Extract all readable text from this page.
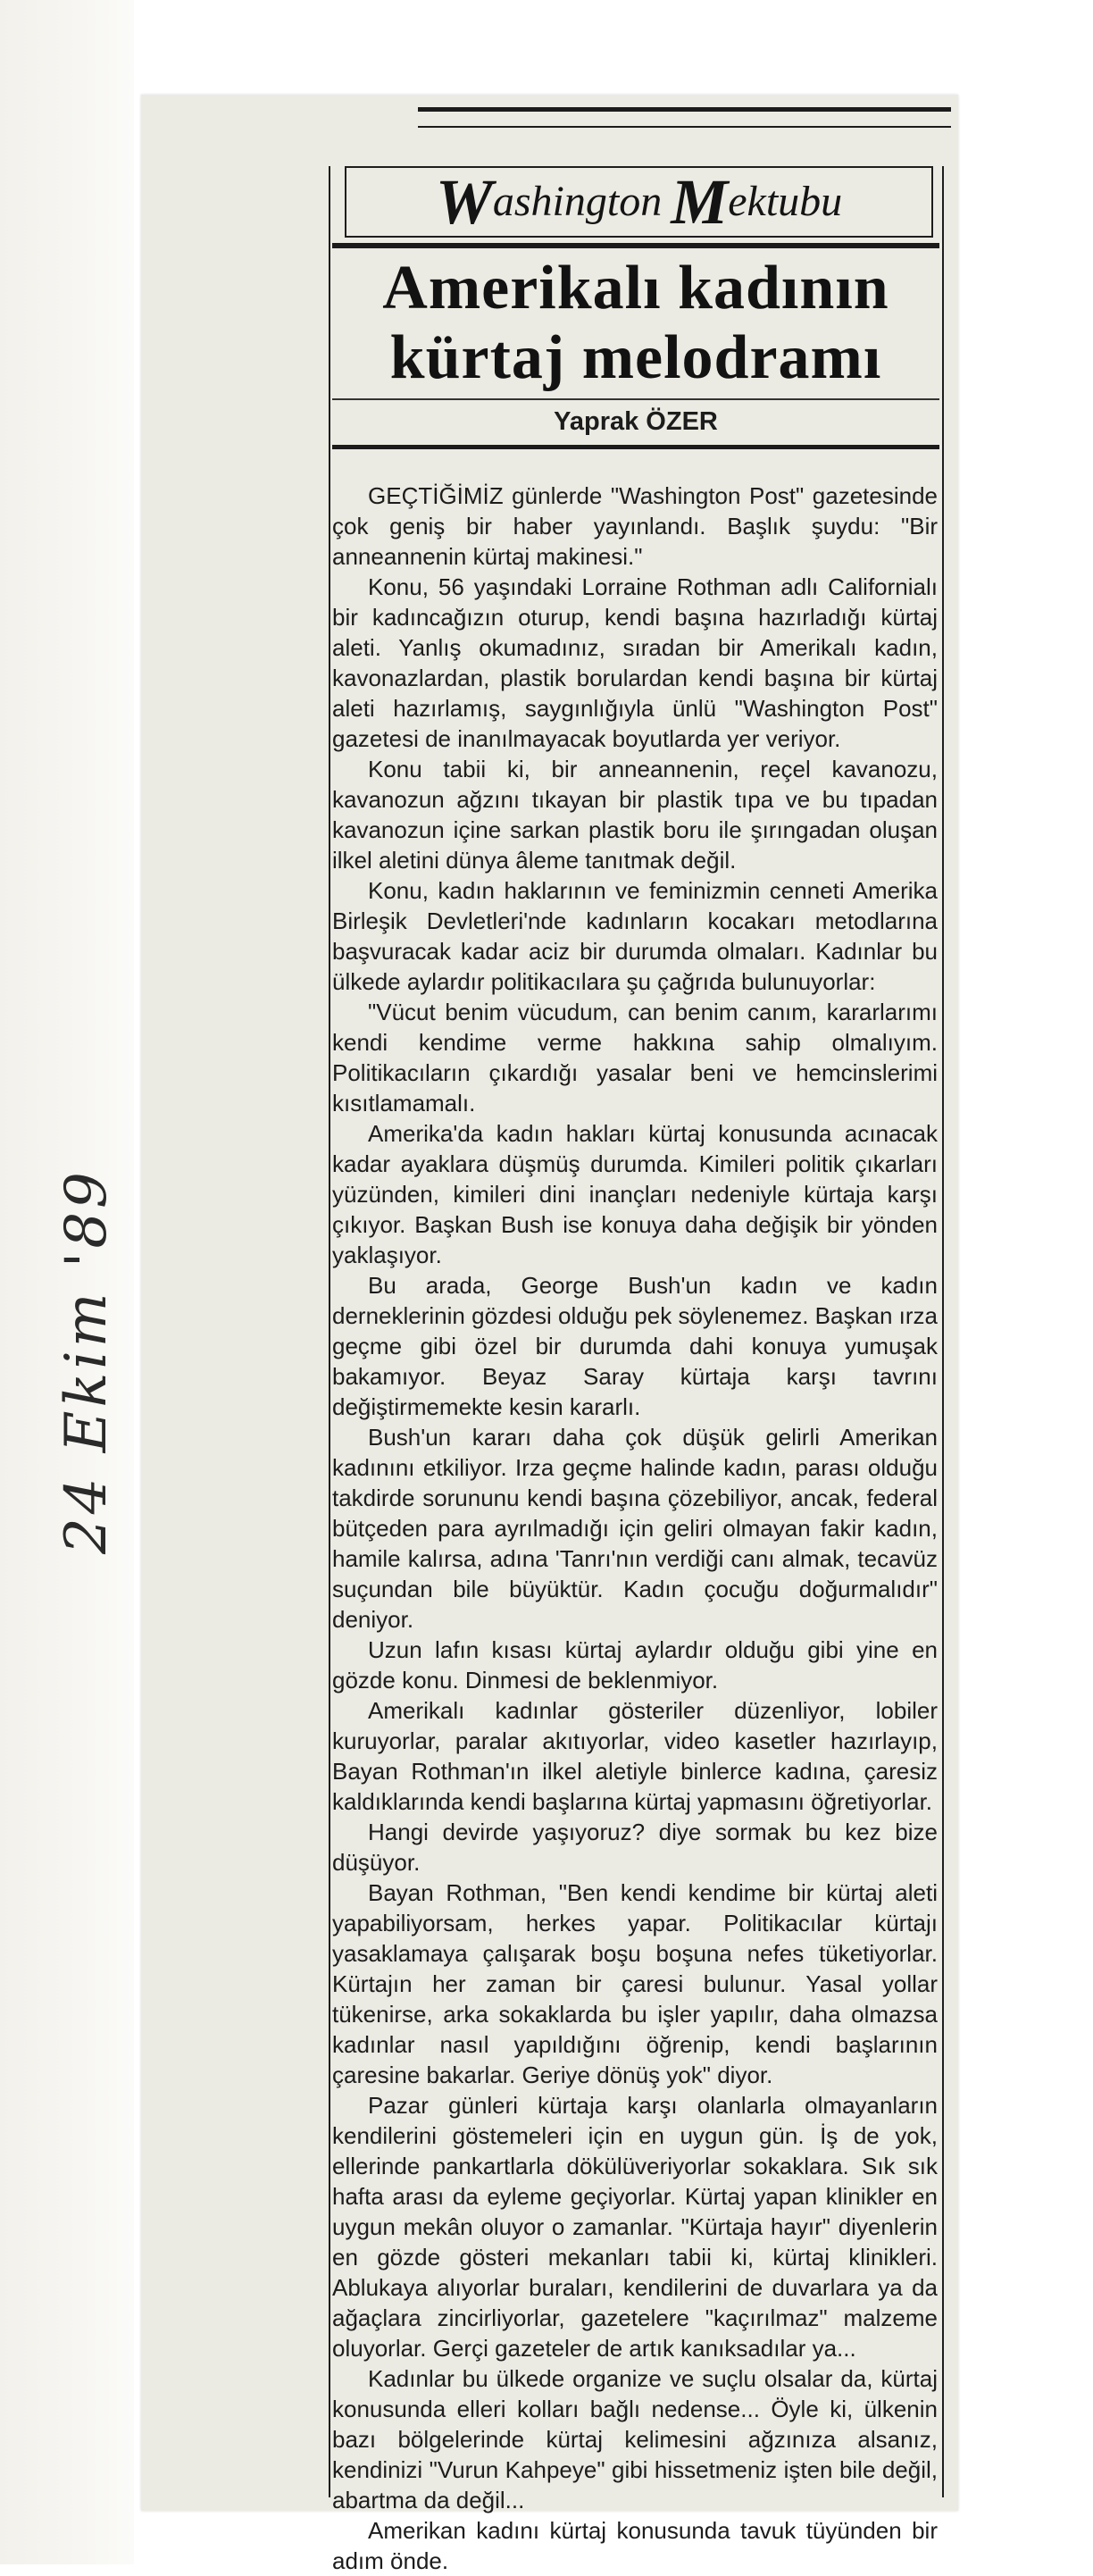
W ashington M ektubu
Amerikalı kadının
kürtaj melodramı
Yaprak ÖZER

GEÇTİĞİMİZ günlerde "Washington Post" gazetesinde çok geniş bir haber yayınlandı. Başlık şuydu: "Bir anneannenin kürtaj makinesi."

Konu, 56 yaşındaki Lorraine Rothman adlı Californialı bir kadıncağızın oturup, kendi başına hazırladığı kürtaj aleti. Yanlış okumadınız, sıradan bir Amerikalı kadın, kavonazlardan, plastik borulardan kendi başına bir kürtaj aleti hazırlamış, saygınlığıyla ünlü "Washington Post" gazetesi de inanılmayacak boyutlarda yer veriyor.

Konu tabii ki, bir anneannenin, reçel kavanozu, kavanozun ağzını tıkayan bir plastik tıpa ve bu tıpadan kavanozun içine sarkan plastik boru ile şırıngadan oluşan ilkel aletini dünya âleme tanıtmak değil.

Konu, kadın haklarının ve feminizmin cenneti Amerika Birleşik Devletleri'nde kadınların kocakarı metodlarına başvuracak kadar aciz bir durumda olmaları. Kadınlar bu ülkede aylardır politikacılara şu çağrıda bulunuyorlar:

"Vücut benim vücudum, can benim canım, kararlarımı kendi kendime verme hakkına sahip olmalıyım. Politikacıların çıkardığı yasalar beni ve hemcinslerimi kısıtlamamalı.

Amerika'da kadın hakları kürtaj konusunda acınacak kadar ayaklara düşmüş durumda. Kimileri politik çıkarları yüzünden, kimileri dini inançları nedeniyle kürtaja karşı çıkıyor. Başkan Bush ise konuya daha değişik bir yönden yaklaşıyor.

Bu arada, George Bush'un kadın ve kadın derneklerinin gözdesi olduğu pek söylenemez. Başkan ırza geçme gibi özel bir durumda dahi konuya yumuşak bakamıyor. Beyaz Saray kürtaja karşı tavrını değiştirmemekte kesin kararlı.

Bush'un kararı daha çok düşük gelirli Amerikan kadınını etkiliyor. Irza geçme halinde kadın, parası olduğu takdirde sorununu kendi başına çözebiliyor, ancak, federal bütçeden para ayrılmadığı için geliri olmayan fakir kadın, hamile kalırsa, adına 'Tanrı'nın verdiği canı almak, tecavüz suçundan bile büyüktür. Kadın çocuğu doğurmalıdır" deniyor.

Uzun lafın kısası kürtaj aylardır olduğu gibi yine en gözde konu. Dinmesi de beklenmiyor.

Amerikalı kadınlar gösteriler düzenliyor, lobiler kuruyorlar, paralar akıtıyorlar, video kasetler hazırlayıp, Bayan Rothman'ın ilkel aletiyle binlerce kadına, çaresiz kaldıklarında kendi başlarına kürtaj yapmasını öğretiyorlar.

Hangi devirde yaşıyoruz? diye sormak bu kez bize düşüyor.

Bayan Rothman, "Ben kendi kendime bir kürtaj aleti yapabiliyorsam, herkes yapar. Politikacılar kürtajı yasaklamaya çalışarak boşu boşuna nefes tüketiyorlar. Kürtajın her zaman bir çaresi bulunur. Yasal yollar tükenirse, arka sokaklarda bu işler yapılır, daha olmazsa kadınlar nasıl yapıldığını öğrenip, kendi başlarının çaresine bakarlar. Geriye dönüş yok" diyor.

Pazar günleri kürtaja karşı olanlarla olmayanların kendilerini göstemeleri için en uygun gün. İş de yok, ellerinde pankartlarla dökülüveriyorlar sokaklara. Sık sık hafta arası da eyleme geçiyorlar. Kürtaj yapan klinikler en uygun mekân oluyor o zamanlar. "Kürtaja hayır" diyenlerin en gözde gösteri mekanları tabii ki, kürtaj klinikleri. Ablukaya alıyorlar buraları, kendilerini de duvarlara ya da ağaçlara zincirliyorlar, gazetelere "kaçırılmaz" malzeme oluyorlar. Gerçi gazeteler de artık kanıksadılar ya...

Kadınlar bu ülkede organize ve suçlu olsalar da, kürtaj konusunda elleri kolları bağlı nedense... Öyle ki, ülkenin bazı bölgelerinde kürtaj kelimesini ağzınıza alsanız, kendinizi "Vurun Kahpeye" gibi hissetmeniz işten bile değil, abartma da değil...

Amerikan kadını kürtaj konusunda tavuk tüyünden bir adım önde.

24 Ekim '89
